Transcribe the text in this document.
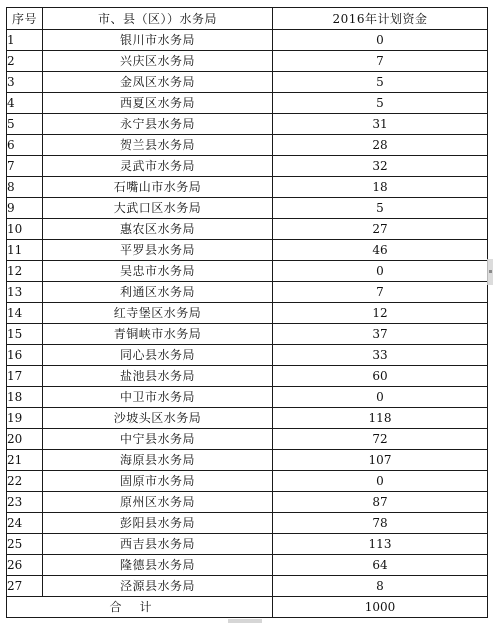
序号	市、县（区））水务局	2016年计划资金
1	银川市水务局	0
2	兴庆区水务局	7
3	金凤区水务局	5
4	西夏区水务局	5
5	永宁县水务局	31
6	贺兰县水务局	28
7	灵武市水务局	32
8	石嘴山市水务局	18
9	大武口区水务局	5
10	惠农区水务局	27
11	平罗县水务局	46
12	吴忠市水务局	0
13	利通区水务局	7
14	红寺堡区水务局	12
15	青铜峡市水务局	37
16	同心县水务局	33
17	盐池县水务局	60
18	中卫市水务局	0
19	沙坡头区水务局	118
20	中宁县水务局	72
21	海原县水务局	107
22	固原市水务局	0
23	原州区水务局	87
24	彭阳县水务局	78
25	西吉县水务局	113
26	隆德县水务局	64
27	泾源县水务局	8
合计		1000
